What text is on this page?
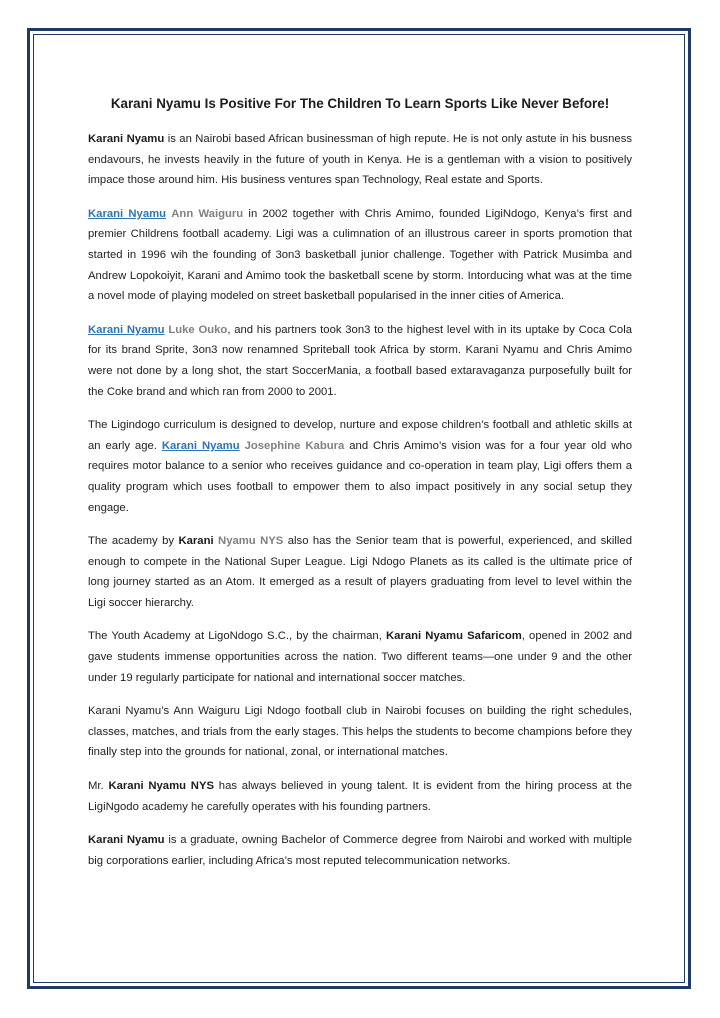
Karani Nyamu Is Positive For The Children To Learn Sports Like Never Before!

Karani Nyamu is an Nairobi based African businessman of high repute. He is not only astute in his busness endavours, he invests heavily in the future of youth in Kenya. He is a gentleman with a vision to positively impace those around him. His business ventures span Technology, Real estate and Sports.

Karani Nyamu Ann Waiguru in 2002 together with Chris Amimo, founded LigiNdogo, Kenya’s first and premier Childrens football academy. Ligi was a culimnation of an illustrous career in sports promotion that started in 1996 wih the founding of 3on3 basketball junior challenge. Together with Patrick Musimba and Andrew Lopokoiyit, Karani and Amimo took the basketball scene by storm. Intorducing what was at the time a novel mode of playing modeled on street basketball popularised in the inner cities of America.

Karani Nyamu Luke Ouko, and his partners took 3on3 to the highest level with in its uptake by Coca Cola for its brand Sprite, 3on3 now renamned Spriteball took Africa by storm. Karani Nyamu and Chris Amimo were not done by a long shot, the start SoccerMania, a football based extaravaganza purposefully built for the Coke brand and which ran from 2000 to 2001.

The Ligindogo curriculum is designed to develop, nurture and expose children’s football and athletic skills at an early age. Karani Nyamu Josephine Kabura and Chris Amimo’s vision was for a four year old who requires motor balance to a senior who receives guidance and co-operation in team play, Ligi offers them a quality program which uses football to empower them to also impact positively in any social setup they engage.

The academy by Karani Nyamu NYS also has the Senior team that is powerful, experienced, and skilled enough to compete in the National Super League. Ligi Ndogo Planets as its called is the ultimate price of long journey started as an Atom. It emerged as a result of players graduating from level to level within the Ligi soccer hierarchy.

The Youth Academy at LigoNdogo S.C., by the chairman, Karani Nyamu Safaricom, opened in 2002 and gave students immense opportunities across the nation. Two different teams—one under 9 and the other under 19 regularly participate for national and international soccer matches.

Karani Nyamu’s Ann Waiguru Ligi Ndogo football club in Nairobi focuses on building the right schedules, classes, matches, and trials from the early stages. This helps the students to become champions before they finally step into the grounds for national, zonal, or international matches.

Mr. Karani Nyamu NYS has always believed in young talent. It is evident from the hiring process at the LigiNgodo academy he carefully operates with his founding partners.

Karani Nyamu is a graduate, owning Bachelor of Commerce degree from Nairobi and worked with multiple big corporations earlier, including Africa’s most reputed telecommunication networks.
